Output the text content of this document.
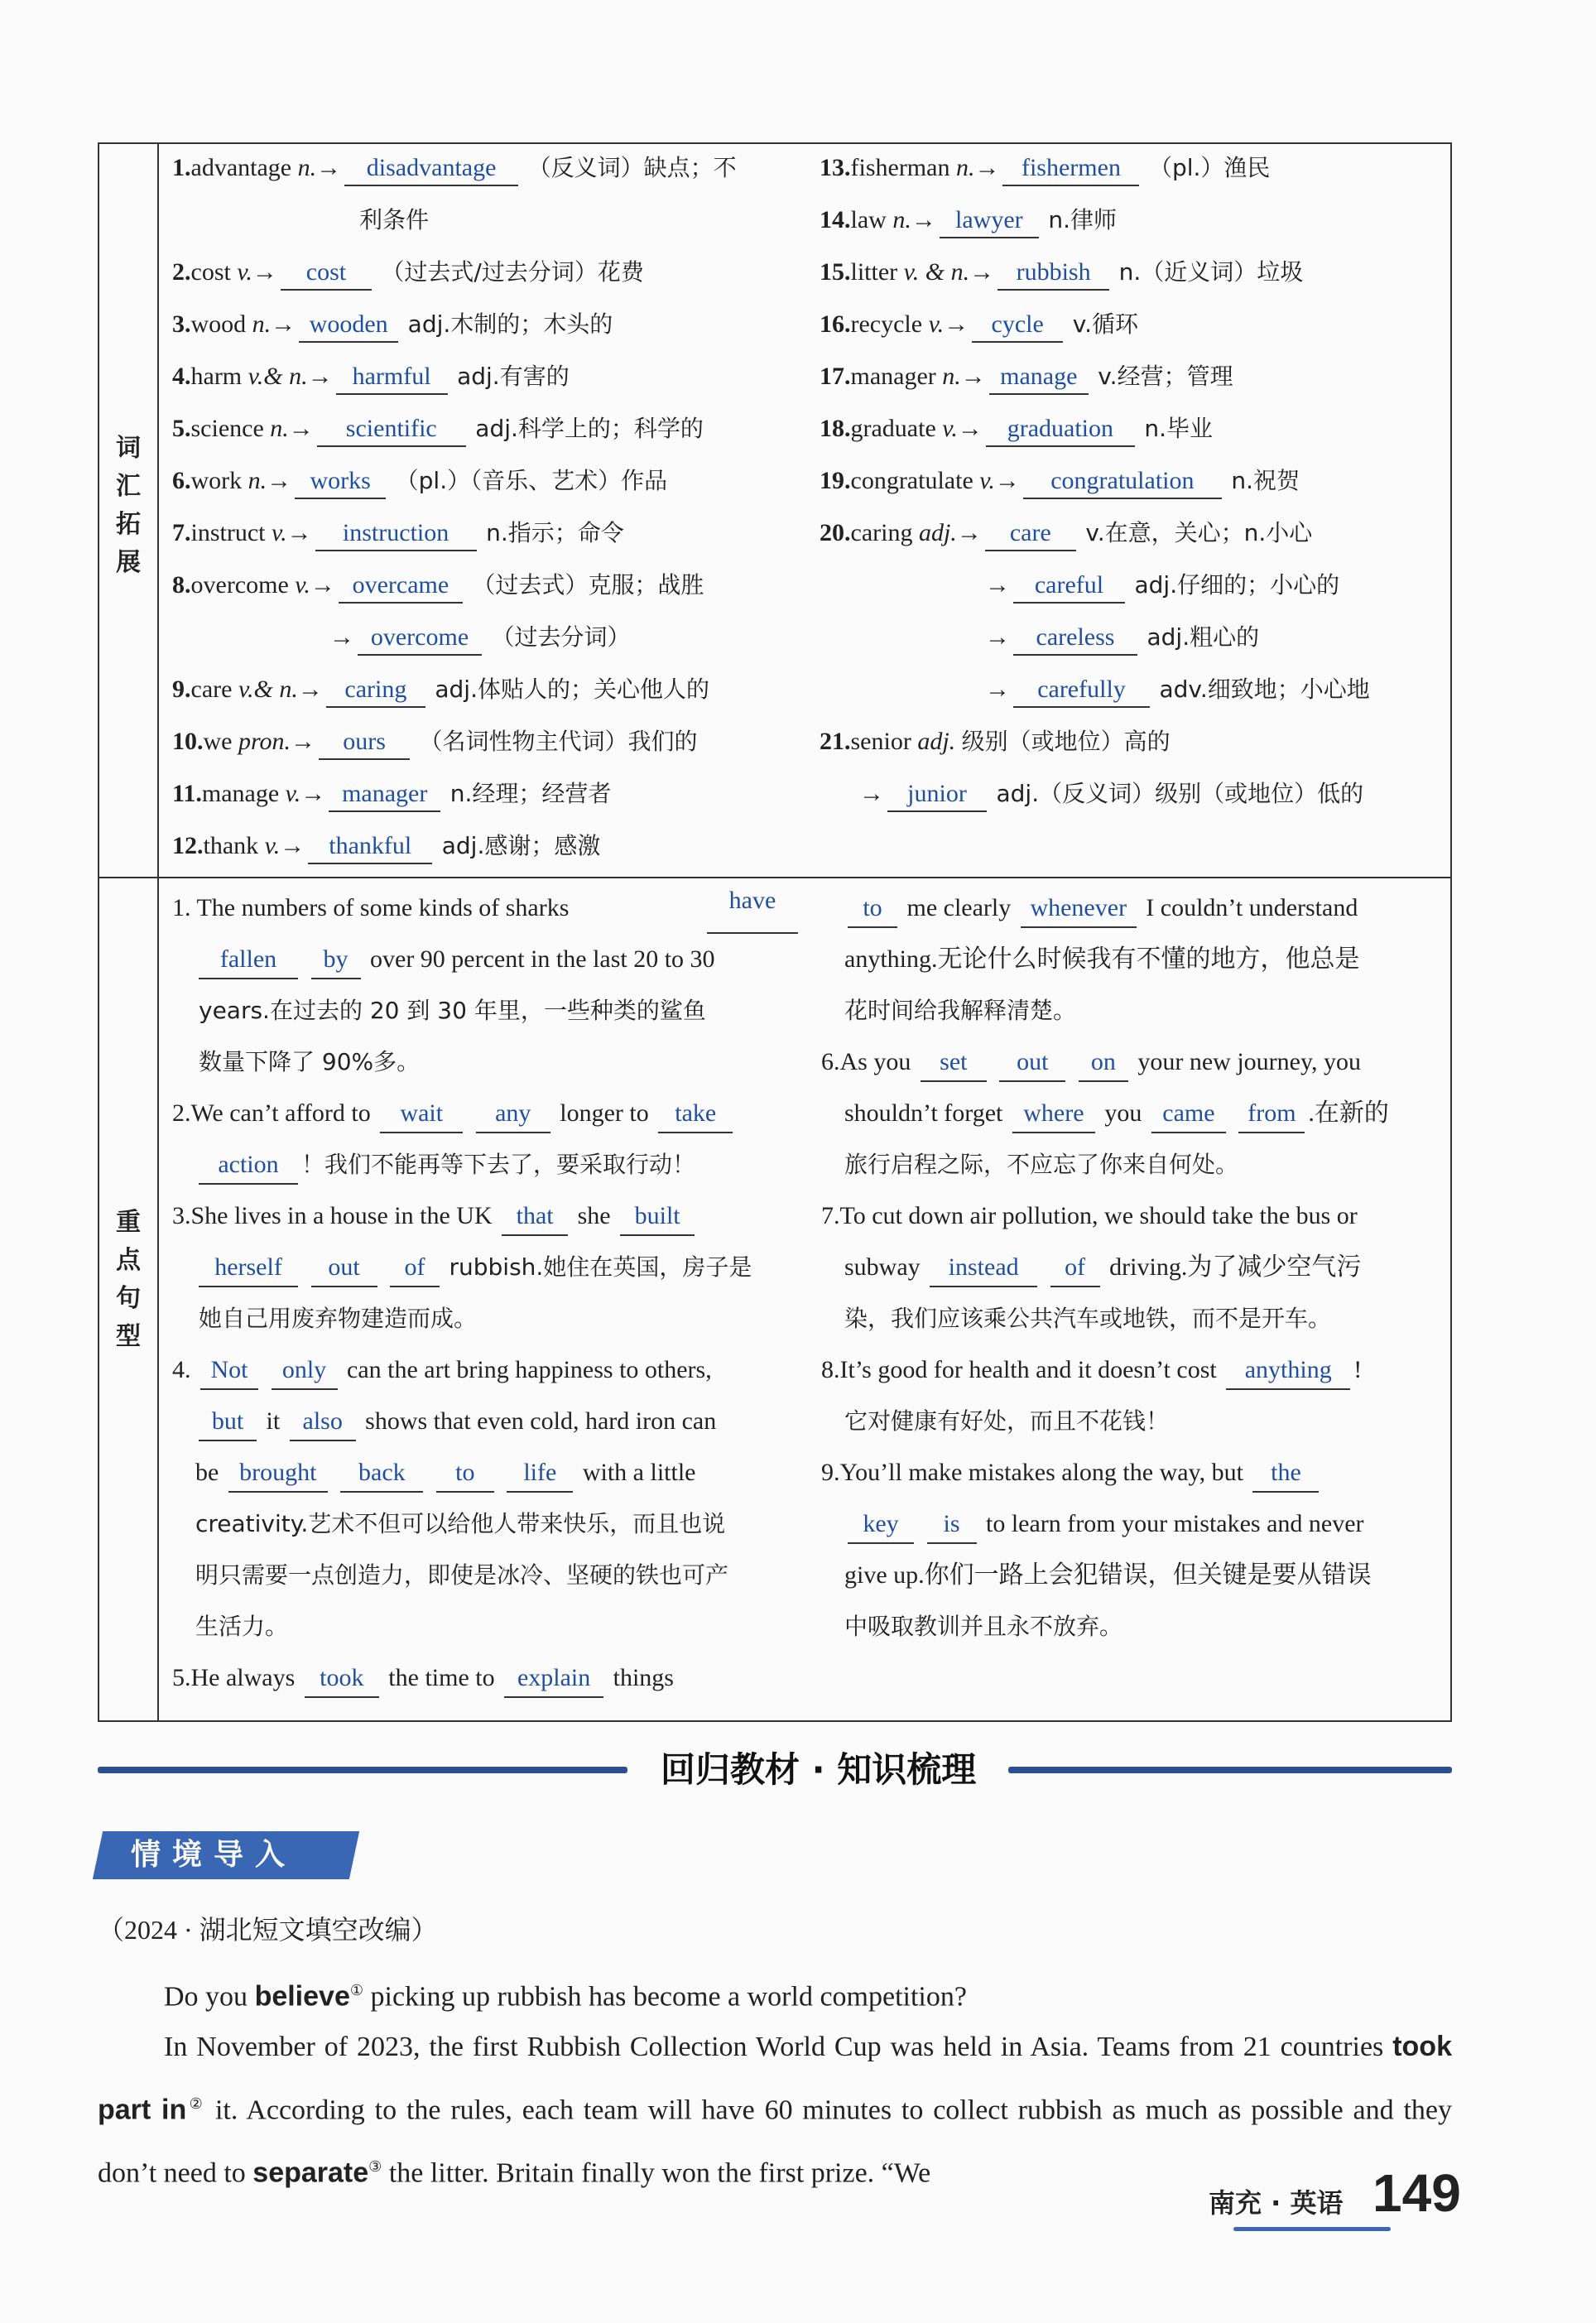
词汇拓展
重点句型
1.advantage n.→ disadvantage （反义词）缺点；不
利条件
2.cost v.→ cost （过去式/过去分词）花费
3.wood n.→ wooden adj.木制的；木头的
4.harm v.& n.→ harmful adj.有害的
5.science n.→ scientific adj.科学上的；科学的
6.work n.→ works （pl.）（音乐、艺术）作品
7.instruct v.→ instruction n.指示；命令
8.overcome v.→ overcame （过去式）克服；战胜
→ overcome （过去分词）
9.care v.& n.→ caring adj.体贴人的；关心他人的
10.we pron.→ ours （名词性物主代词）我们的
11.manage v.→ manager n.经理；经营者
12.thank v.→ thankful adj.感谢；感激
13.fisherman n.→ fishermen （pl.）渔民
14.law n.→ lawyer n.律师
15.litter v. & n.→ rubbish n.（近义词）垃圾
16.recycle v.→ cycle v.循环
17.manager n.→ manage v.经营；管理
18.graduate v.→ graduation n.毕业
19.congratulate v.→ congratulation n.祝贺
20.caring adj.→ care v.在意，关心；n.小心
→ careful adj.仔细的；小心的
→ careless adj.粗心的
→ carefully adv.细致地；小心地
21.senior adj. 级别（或地位）高的
→ junior adj.（反义词）级别（或地位）低的
1. The numbers of some kinds of sharks	have
fallen by over 90 percent in the last 20 to 30
years.在过去的 20 到 30 年里，一些种类的鲨鱼
数量下降了 90%多。
2.We can’t afford to wait any longer to take
action ！我们不能再等下去了，要采取行动！
3.She lives in a house in the UK that she built
herself out of rubbish.她住在英国，房子是
她自己用废弃物建造而成。
4. Not only can the art bring happiness to others,
but it also shows that even cold, hard iron can
be brought back to life with a little
creativity.艺术不但可以给他人带来快乐，而且也说
明只需要一点创造力，即使是冰冷、坚硬的铁也可产
生活力。
5.He always took the time to explain things
to me clearly whenever I couldn’t understand
anything.无论什么时候我有不懂的地方，他总是
花时间给我解释清楚。
6.As you set out on your new journey, you
shouldn’t forget where you came from .在新的
旅行启程之际，不应忘了你来自何处。
7.To cut down air pollution, we should take the bus or
subway instead of driving.为了减少空气污
染，我们应该乘公共汽车或地铁，而不是开车。
8.It’s good for health and it doesn’t cost anything !
它对健康有好处，而且不花钱！
9.You’ll make mistakes along the way, but the
key is to learn from your mistakes and never
give up.你们一路上会犯错误，但关键是要从错误
中吸取教训并且永不放弃。
回归教材 · 知识梳理
情境导入
（2024 · 湖北短文填空改编）
Do you believe① picking up rubbish has become a world competition?
In November of 2023, the first Rubbish Collection World Cup was held in Asia. Teams from 21 countries took part in② it. According to the rules, each team will have 60 minutes to collect rubbish as much as possible and they don’t need to separate③ the litter. Britain finally won the first prize. “We
南充 · 英语 149
